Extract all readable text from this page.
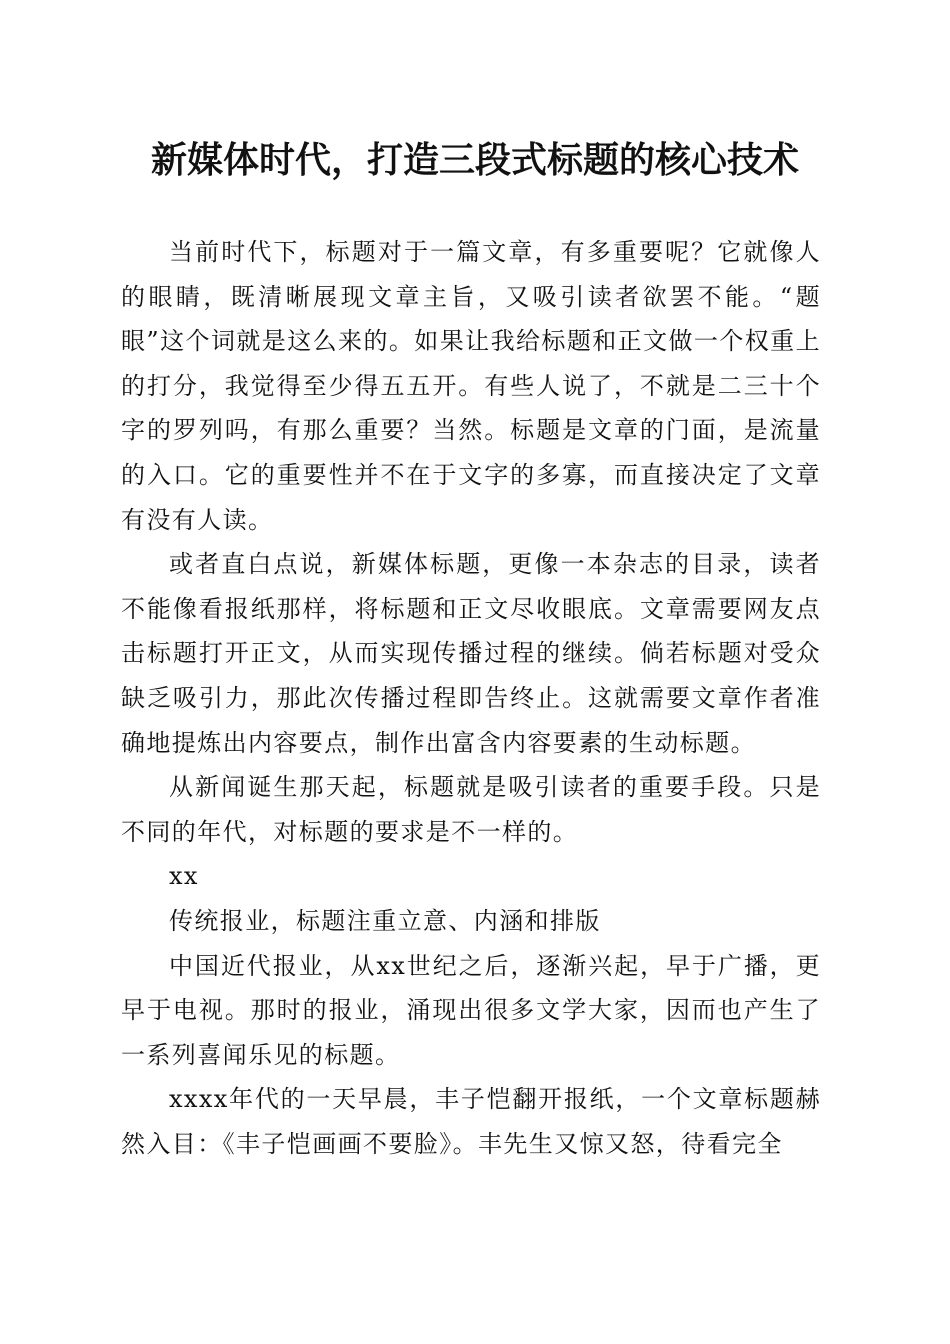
新媒体时代，打造三段式标题的核心技术

当前时代下，标题对于一篇文章，有多重要呢？它就像人的眼睛，既清晰展现文章主旨，又吸引读者欲罢不能。“题眼”这个词就是这么来的。如果让我给标题和正文做一个权重上的打分，我觉得至少得五五开。有些人说了，不就是二三十个字的罗列吗，有那么重要？当然。标题是文章的门面，是流量的入口。它的重要性并不在于文字的多寡，而直接决定了文章有没有人读。

或者直白点说，新媒体标题，更像一本杂志的目录，读者不能像看报纸那样，将标题和正文尽收眼底。文章需要网友点击标题打开正文，从而实现传播过程的继续。倘若标题对受众缺乏吸引力，那此次传播过程即告终止。这就需要文章作者准确地提炼出内容要点，制作出富含内容要素的生动标题。

从新闻诞生那天起，标题就是吸引读者的重要手段。只是不同的年代，对标题的要求是不一样的。

xx

传统报业，标题注重立意、内涵和排版

中国近代报业，从xx世纪之后，逐渐兴起，早于广播，更早于电视。那时的报业，涌现出很多文学大家，因而也产生了一系列喜闻乐见的标题。

xxxx年代的一天早晨，丰子恺翻开报纸，一个文章标题赫然入目：《丰子恺画画不要脸》。丰先生又惊又怒，待看完全
